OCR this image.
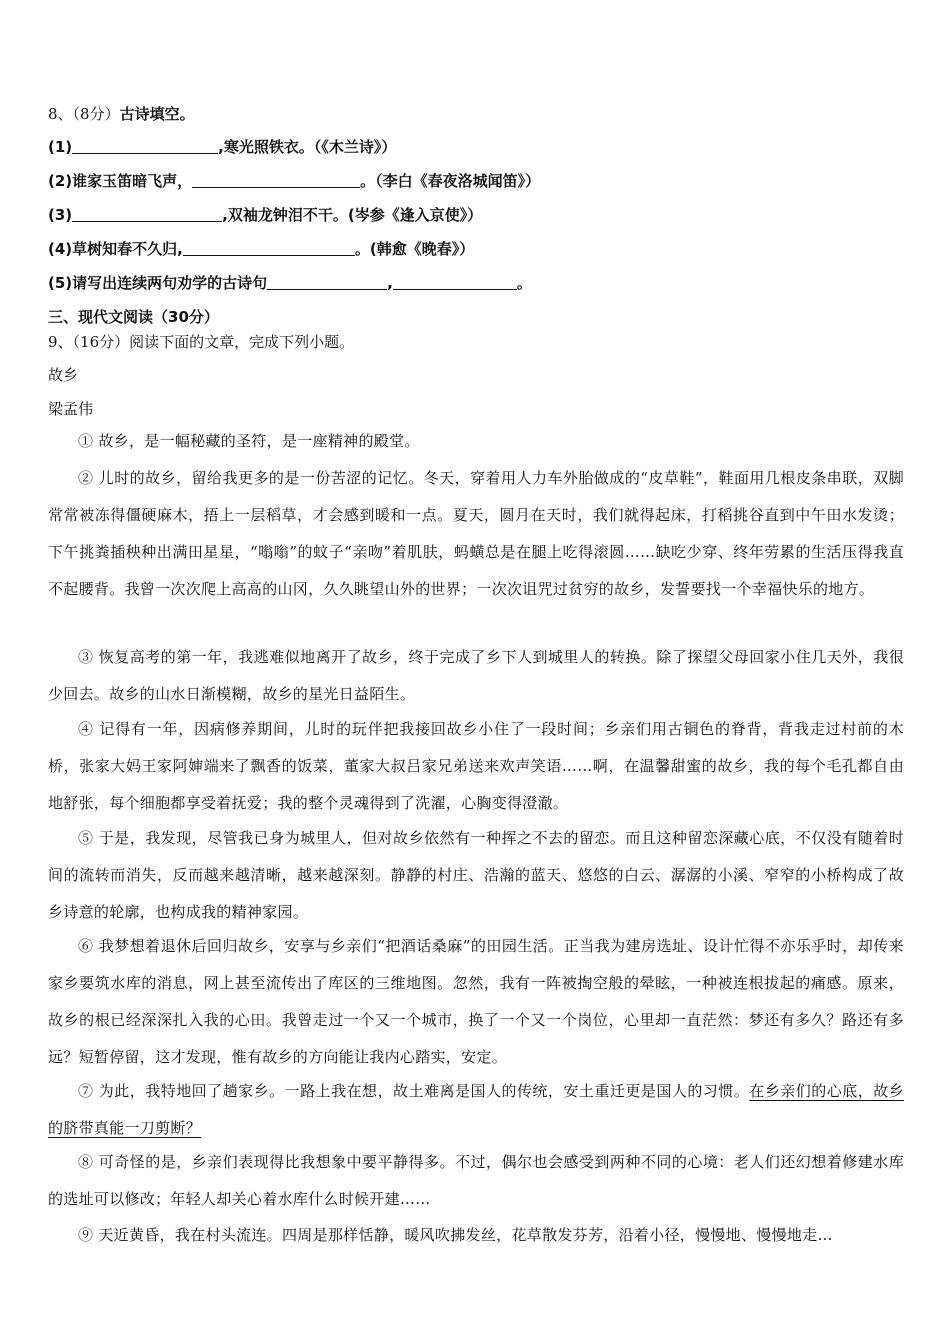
8、（8分）古诗填空。
(1)	,寒光照铁衣。（《木兰诗》）
(2)谁家玉笛暗飞声，	。（李白《春夜洛城闻笛》）
(3)	,双袖龙钟泪不干。(岑参《逢入京使》）
(4)草树知春不久归,	。(韩愈《晚春》）
(5)请写出连续两句劝学的古诗句	,	。
三、现代文阅读（30分）
9、（16分）阅读下面的文章，完成下列小题。
故乡
梁孟伟
① 故乡，是一幅秘藏的圣符，是一座精神的殿堂。
② 儿时的故乡，留给我更多的是一份苦涩的记忆。冬天，穿着用人力车外胎做成的“皮草鞋”，鞋面用几根皮条串联，双脚常常被冻得僵硬麻木，捂上一层稻草，才会感到暖和一点。夏天，圆月在天时，我们就得起床，打稻挑谷直到中午田水发烫；下午挑粪插秧种出满田星星，“嗡嗡”的蚊子“亲吻”着肌肤，蚂蟥总是在腿上吃得滚圆……缺吃少穿、终年劳累的生活压得我直不起腰背。我曾一次次爬上高高的山冈，久久眺望山外的世界；一次次诅咒过贫穷的故乡，发誓要找一个幸福快乐的地方。
③ 恢复高考的第一年，我逃难似地离开了故乡，终于完成了乡下人到城里人的转换。除了探望父母回家小住几天外，我很少回去。故乡的山水日渐模糊，故乡的星光日益陌生。
④ 记得有一年，因病修养期间，儿时的玩伴把我接回故乡小住了一段时间；乡亲们用古铜色的脊背，背我走过村前的木桥，张家大妈王家阿婶端来了飘香的饭菜，董家大叔吕家兄弟送来欢声笑语……啊，在温馨甜蜜的故乡，我的每个毛孔都自由地舒张，每个细胞都享受着抚爱；我的整个灵魂得到了洗濯，心胸变得澄澈。
⑤ 于是，我发现，尽管我已身为城里人，但对故乡依然有一种挥之不去的留恋。而且这种留恋深藏心底，不仅没有随着时间的流转而消失，反而越来越清晰，越来越深刻。静静的村庄、浩瀚的蓝天、悠悠的白云、潺潺的小溪、窄窄的小桥构成了故乡诗意的轮廓，也构成我的精神家园。
⑥ 我梦想着退休后回归故乡，安享与乡亲们“把酒话桑麻”的田园生活。正当我为建房选址、设计忙得不亦乐乎时，却传来家乡要筑水库的消息，网上甚至流传出了库区的三维地图。忽然，我有一阵被掏空般的晕眩，一种被连根拔起的痛感。原来，故乡的根已经深深扎入我的心田。我曾走过一个又一个城市，换了一个又一个岗位，心里却一直茫然：梦还有多久？路还有多远？短暂停留，这才发现，惟有故乡的方向能让我内心踏实，安定。
⑦ 为此，我特地回了趟家乡。一路上我在想，故土难离是国人的传统，安土重迁更是国人的习惯。在乡亲们的心底，故乡的脐带真能一刀剪断？
⑧ 可奇怪的是，乡亲们表现得比我想象中要平静得多。不过，偶尔也会感受到两种不同的心境：老人们还幻想着修建水库的选址可以修改；年轻人却关心着水库什么时候开建……
⑨ 天近黄昏，我在村头流连。四周是那样恬静，暖风吹拂发丝，花草散发芬芳，沿着小径，慢慢地、慢慢地走…
